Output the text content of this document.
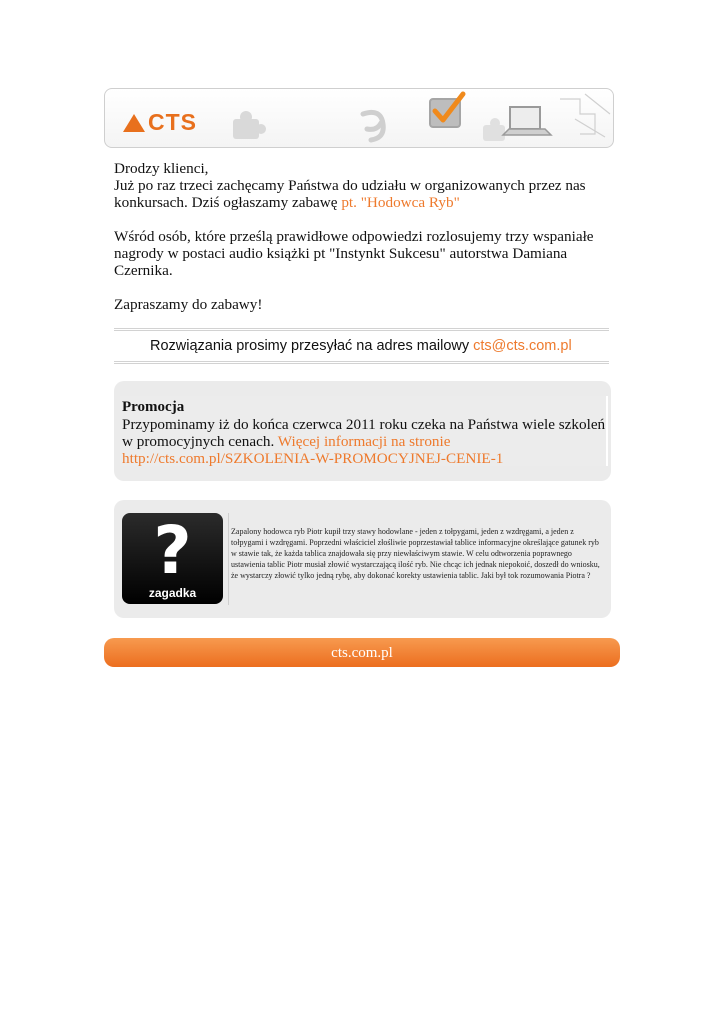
CTS

Drodzy klienci,

Już po raz trzeci zachęcamy Państwa do udziału w organizowanych przez nas konkursach. Dziś ogłaszamy zabawę pt. "Hodowca Ryb"

Wśród osób, które prześlą prawidłowe odpowiedzi rozlosujemy trzy wspaniałe nagrody w postaci audio książki pt "Instynkt Sukcesu" autorstwa Damiana Czernika.

Zapraszamy do zabawy!

Rozwiązania prosimy przesyłać na adres mailowy cts@cts.com.pl
Promocja

Przypominamy iż do końca czerwca 2011 roku czeka na Państwa wiele szkoleń w promocyjnych cenach. Więcej informacji na stronie http://cts.com.pl/SZKOLENIA-W-PROMOCYJNEJ-CENIE-1

?
zagadka
Zapalony hodowca ryb Piotr kupił trzy stawy hodowlane - jeden z tołpygami, jeden z wzdręgami, a jeden z tołpygami i wzdręgami. Poprzedni właściciel złośliwie poprzestawiał tablice informacyjne określające gatunek ryb w stawie tak, że każda tablica znajdowała się przy niewłaściwym stawie. W celu odtworzenia poprawnego ustawienia tablic Piotr musiał złowić wystarczającą ilość ryb. Nie chcąc ich jednak niepokoić, doszedł do wniosku, że wystarczy złowić tylko jedną rybę, aby dokonać korekty ustawienia tablic. Jaki był tok rozumowania Piotra ?
cts.com.pl
